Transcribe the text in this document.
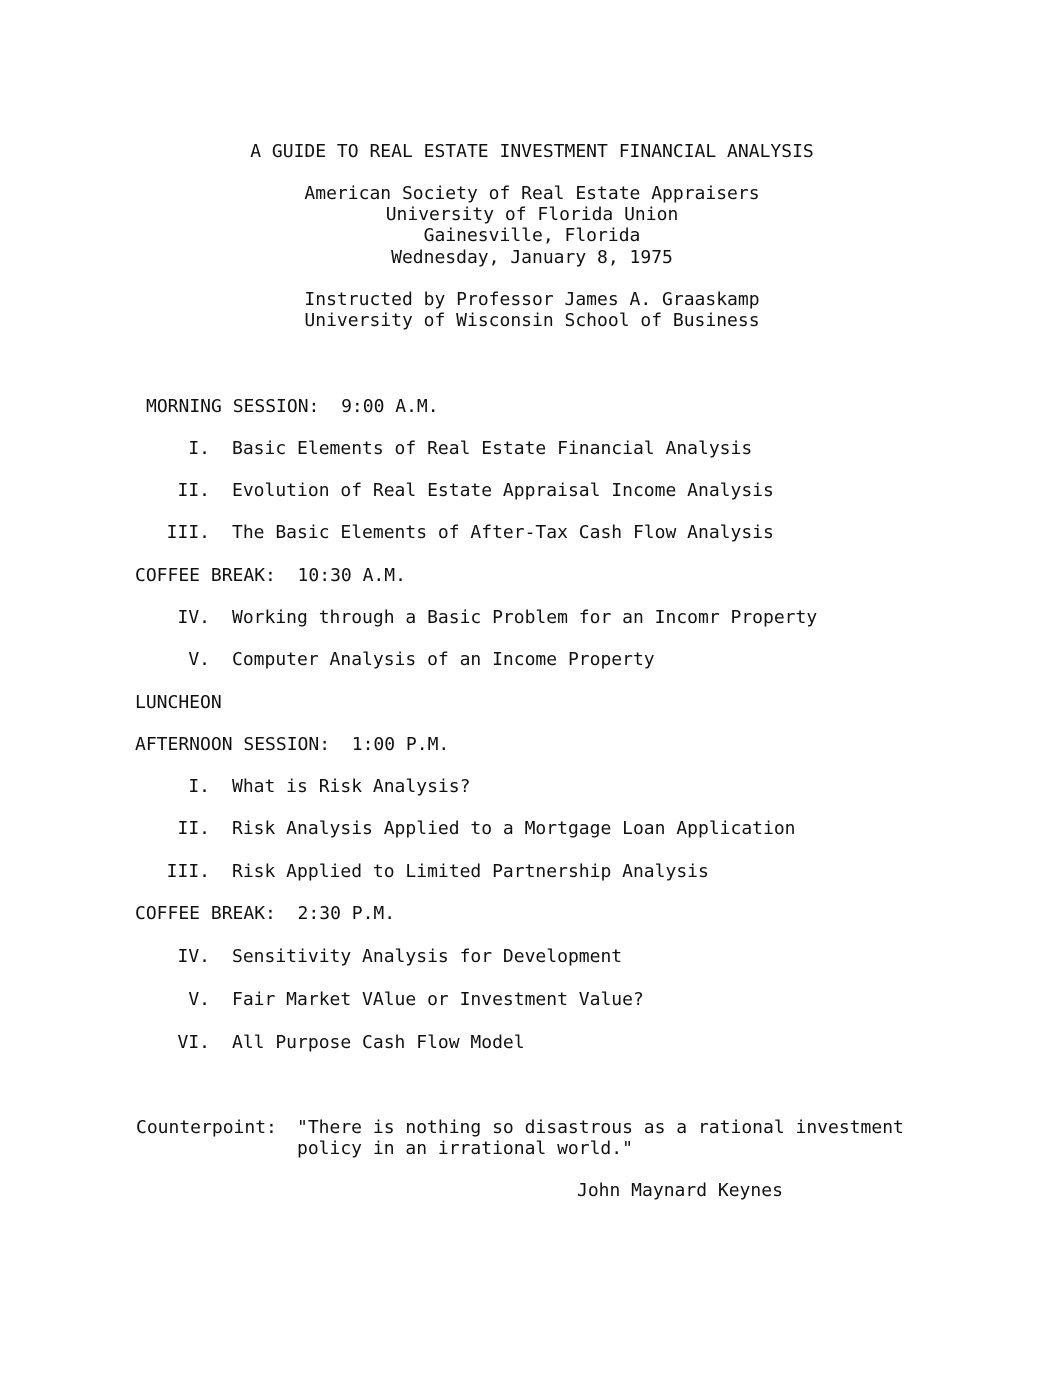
A GUIDE TO REAL ESTATE INVESTMENT FINANCIAL ANALYSIS
American Society of Real Estate Appraisers
University of Florida Union
Gainesville, Florida
Wednesday, January 8, 1975
Instructed by Professor James A. Graaskamp
University of Wisconsin School of Business
MORNING SESSION:  9:00 A.M.
I. Basic Elements of Real Estate Financial Analysis
II. Evolution of Real Estate Appraisal Income Analysis
III. The Basic Elements of After-Tax Cash Flow Analysis
COFFEE BREAK:  10:30 A.M.
IV. Working through a Basic Problem for an Incomr Property
V. Computer Analysis of an Income Property
LUNCHEON
AFTERNOON SESSION:  1:00 P.M.
I. What is Risk Analysis?
II. Risk Analysis Applied to a Mortgage Loan Application
III. Risk Applied to Limited Partnership Analysis
COFFEE BREAK:  2:30 P.M.
IV. Sensitivity Analysis for Development
V. Fair Market VAlue or Investment Value?
VI. All Purpose Cash Flow Model
Counterpoint: "There is nothing so disastrous as a rational investment
policy in an irrational world."
John Maynard Keynes
